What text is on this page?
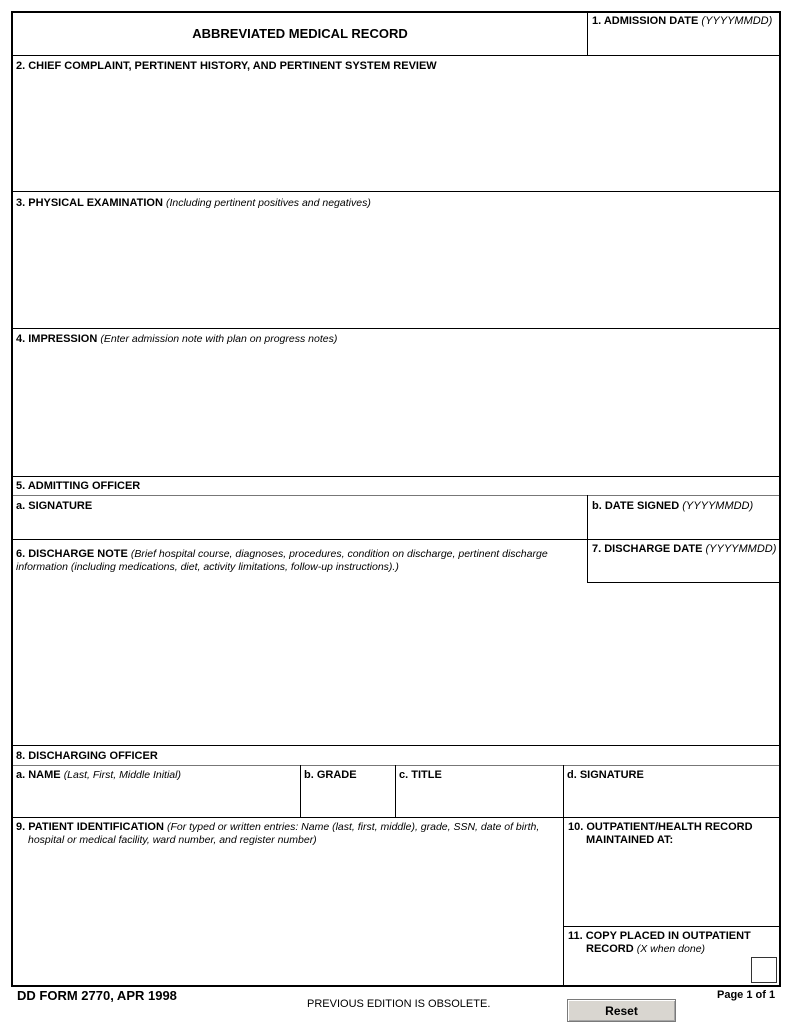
ABBREVIATED MEDICAL RECORD
1. ADMISSION DATE (YYYYMMDD)
2. CHIEF COMPLAINT, PERTINENT HISTORY, AND PERTINENT SYSTEM REVIEW
3. PHYSICAL EXAMINATION (Including pertinent positives and negatives)
4. IMPRESSION (Enter admission note with plan on progress notes)
5. ADMITTING OFFICER
a. SIGNATURE	b. DATE SIGNED (YYYYMMDD)
6. DISCHARGE NOTE (Brief hospital course, diagnoses, procedures, condition on discharge, pertinent discharge
information (including medications, diet, activity limitations, follow-up instructions).)
7. DISCHARGE DATE (YYYYMMDD)
8. DISCHARGING OFFICER
a. NAME (Last, First, Middle Initial)	b. GRADE	c. TITLE	d. SIGNATURE
9. PATIENT IDENTIFICATION (For typed or written entries: Name (last, first, middle), grade, SSN, date of birth,
hospital or medical facility, ward number, and register number)
10. OUTPATIENT/HEALTH RECORD
MAINTAINED AT:
11. COPY PLACED IN OUTPATIENT
RECORD (X when done)
DD FORM 2770, APR 1998
PREVIOUS EDITION IS OBSOLETE.
Page 1 of 1
Reset
